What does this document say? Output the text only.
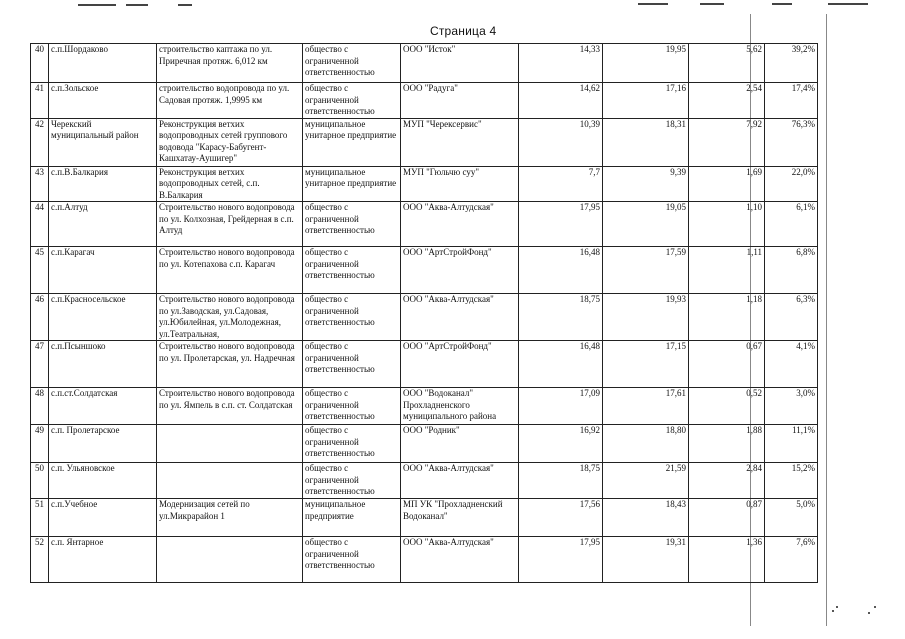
Страница 4
40	с.п.Шордаково	строительство каптажа по ул. Приречная протяж. 6,012 км	общество с ограниченной ответственностью	ООО "Исток"	14,33	19,95	5,62	39,2%
41	с.п.Зольское	строительство водопровода по ул. Садовая протяж. 1,9995 км	общество с ограниченной ответственностью	ООО "Радуга"	14,62	17,16	2,54	17,4%
42	Черекский муниципальный район	Реконструкция ветхих водопроводных сетей группового водовода "Карасу-Бабугент-Кашхатау-Аушигер"	муниципальное унитарное предприятие	МУП "Черексервис"	10,39	18,31	7,92	76,3%
43	с.п.В.Балкария	Реконструкция ветхих водопроводных сетей, с.п. В.Балкария	муниципальное унитарное предприятие	МУП "Гюльчю суу"	7,7	9,39	1,69	22,0%
44	с.п.Алтуд	Строительство нового водопровода по ул. Колхозная, Грейдерная в с.п. Алтуд	общество с ограниченной ответственностью	ООО "Аква-Алтудская"	17,95	19,05	1,10	6,1%
45	с.п.Карагач	Строительство нового водопровода по ул. Котепахова с.п. Карагач	общество с ограниченной ответственностью	ООО "АртСтройФонд"	16,48	17,59	1,11	6,8%
46	с.п.Красносельское	Строительство нового водопровода по ул.Заводская, ул.Садовая, ул.Юбилейная, ул.Молодежная, ул.Театральная,	общество с ограниченной ответственностью	ООО "Аква-Алтудская"	18,75	19,93	1,18	6,3%
47	с.п.Псыншоко	Строительство нового водопровода по ул. Пролетарская, ул. Надречная	общество с ограниченной ответственностью	ООО "АртСтройФонд"	16,48	17,15	0,67	4,1%
48	с.п.ст.Солдатская	Строительство нового водопровода по ул. Ямпель в с.п. ст. Солдатская	общество с ограниченной ответственностью	ООО "Водоканал" Прохладненского муниципального района	17,09	17,61	0,52	3,0%
49	с.п. Пролетарское		общество с ограниченной ответственностью	ООО "Родник"	16,92	18,80	1,88	11,1%
50	с.п. Ульяновское		общество с ограниченной ответственностью	ООО "Аква-Алтудская"	18,75	21,59	2,84	15,2%
51	с.п.Учебное	Модернизация сетей по ул.Микрарайон 1	муниципальное предприятие	МП УК "Прохладненский Водоканал"	17,56	18,43	0,87	5,0%
52	с.п. Янтарное		общество с ограниченной ответственностью	ООО "Аква-Алтудская"	17,95	19,31	1,36	7,6%
